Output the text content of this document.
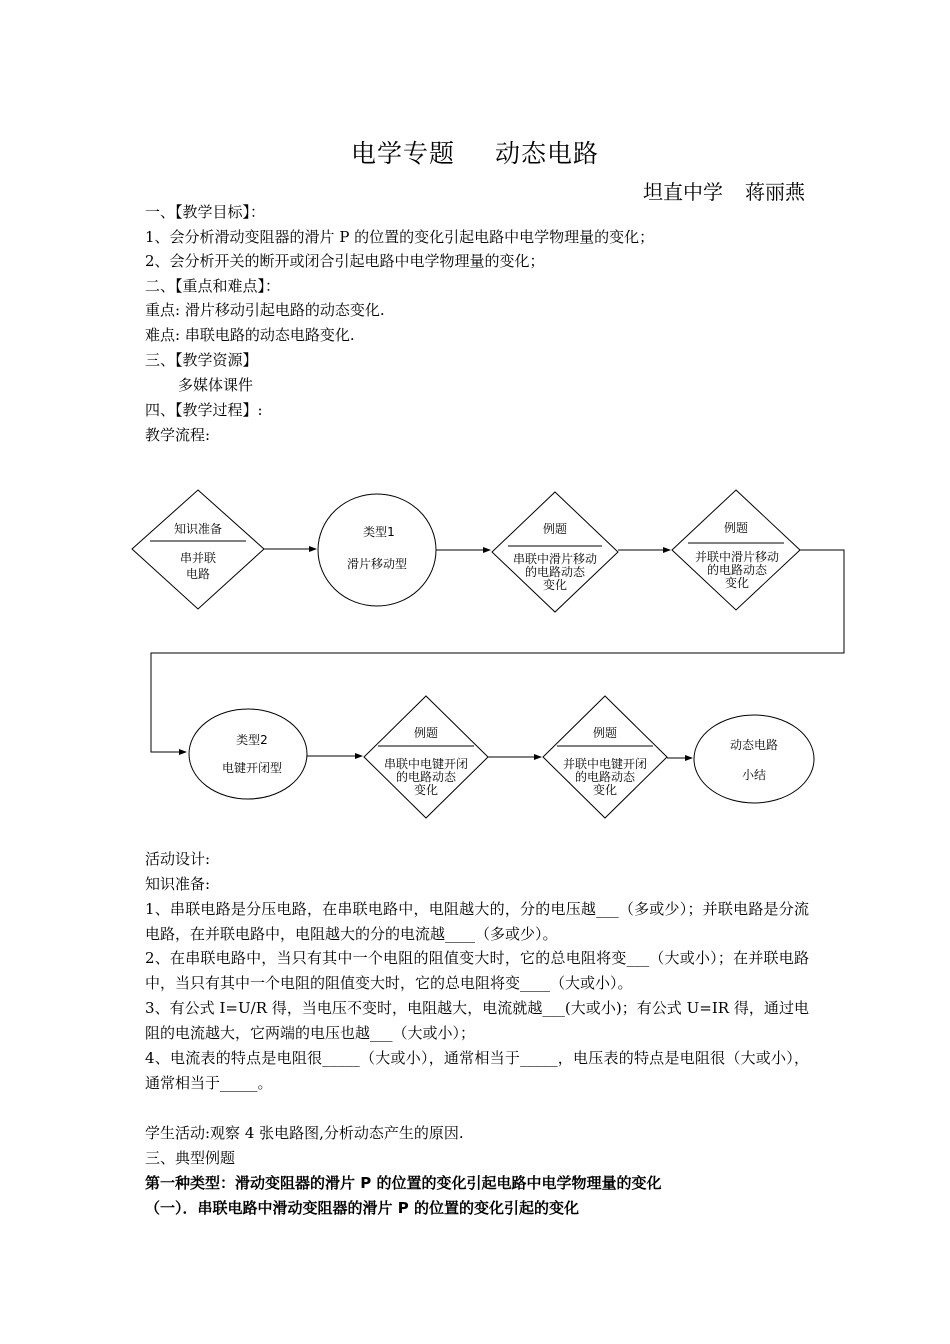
电学专题 动态电路
坦直中学 蒋丽燕
一、【教学目标】：
1、会分析滑动变阻器的滑片 P 的位置的变化引起电路中电学物理量的变化；
2、会分析开关的断开或闭合引起电路中电学物理量的变化；
二、【重点和难点】：
重点: 滑片移动引起电路的动态变化.
难点: 串联电路的动态电路变化.
三、【教学资源】
多媒体课件
四、【教学过程】:
教学流程:
知识准备
串并联
电路
类型1
滑片移动型
例题
串联中滑片移动
的电路动态
变化
例题
并联中滑片移动
的电路动态
变化
类型2
电键开闭型
例题
串联中电键开闭
的电路动态
变化
例题
并联中电键开闭
的电路动态
变化
动态电路
小结
活动设计:
知识准备:
1、串联电路是分压电路，在串联电路中，电阻越大的，分的电压越___（多或少）；并联电路是分流电路，在并联电路中，电阻越大的分的电流越____（多或少）。
2、在串联电路中，当只有其中一个电阻的阻值变大时，它的总电阻将变___（大或小）；在并联电路中，当只有其中一个电阻的阻值变大时，它的总电阻将变____（大或小）。
3、有公式 I=U/R 得，当电压不变时，电阻越大，电流就越___(大或小)；有公式 U=IR 得，通过电阻的电流越大，它两端的电压也越___（大或小）；
4、电流表的特点是电阻很_____（大或小），通常相当于_____，电压表的特点是电阻很（大或小），通常相当于_____。
学生活动:观察 4 张电路图,分析动态产生的原因.
三、典型例题
第一种类型：滑动变阻器的滑片 P 的位置的变化引起电路中电学物理量的变化
（一）．串联电路中滑动变阻器的滑片 P 的位置的变化引起的变化
